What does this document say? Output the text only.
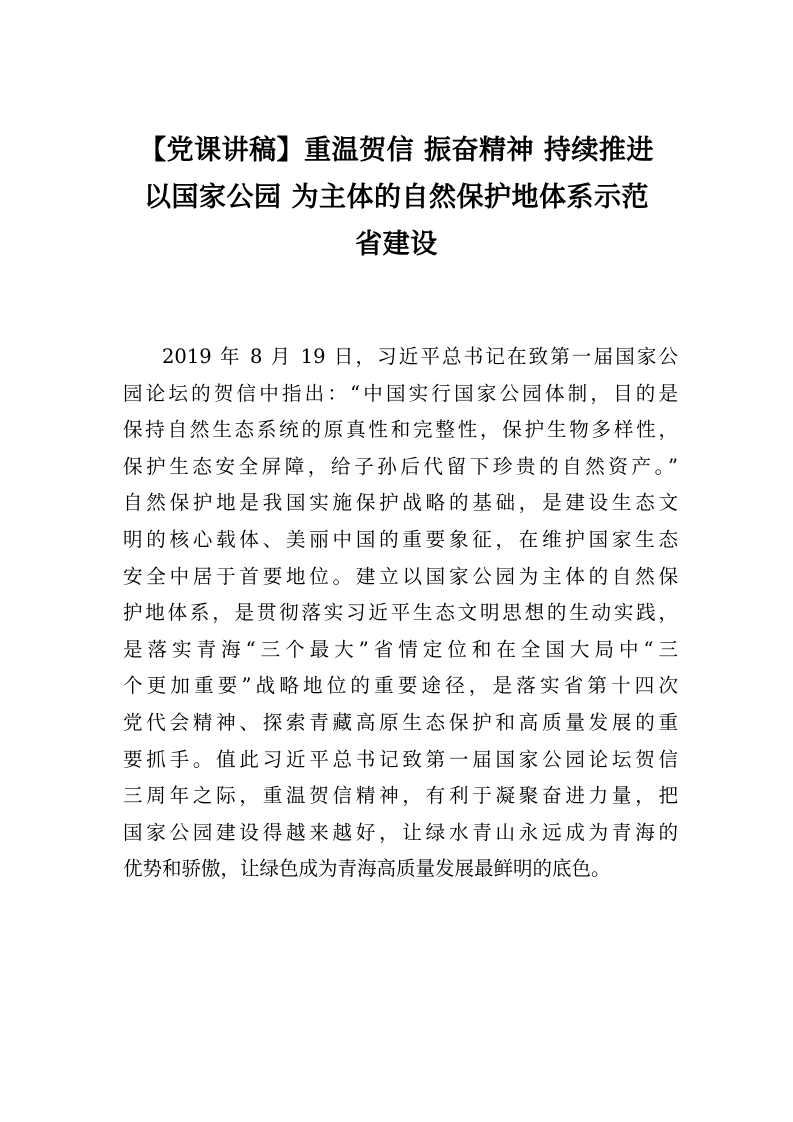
【党课讲稿】重温贺信 振奋精神 持续推进
以国家公园 为主体的自然保护地体系示范
省建设
2019 年 8 月 19 日，习近平总书记在致第一届国家公
园论坛的贺信中指出：“中国实行国家公园体制，目的是
保持自然生态系统的原真性和完整性，保护生物多样性，
保护生态安全屏障，给子孙后代留下珍贵的自然资产。”
自然保护地是我国实施保护战略的基础，是建设生态文
明的核心载体、美丽中国的重要象征，在维护国家生态
安全中居于首要地位。建立以国家公园为主体的自然保
护地体系，是贯彻落实习近平生态文明思想的生动实践，
是落实青海“三个最大”省情定位和在全国大局中“三
个更加重要”战略地位的重要途径，是落实省第十四次
党代会精神、探索青藏高原生态保护和高质量发展的重
要抓手。值此习近平总书记致第一届国家公园论坛贺信
三周年之际，重温贺信精神，有利于凝聚奋进力量，把
国家公园建设得越来越好，让绿水青山永远成为青海的
优势和骄傲，让绿色成为青海高质量发展最鲜明的底色。
